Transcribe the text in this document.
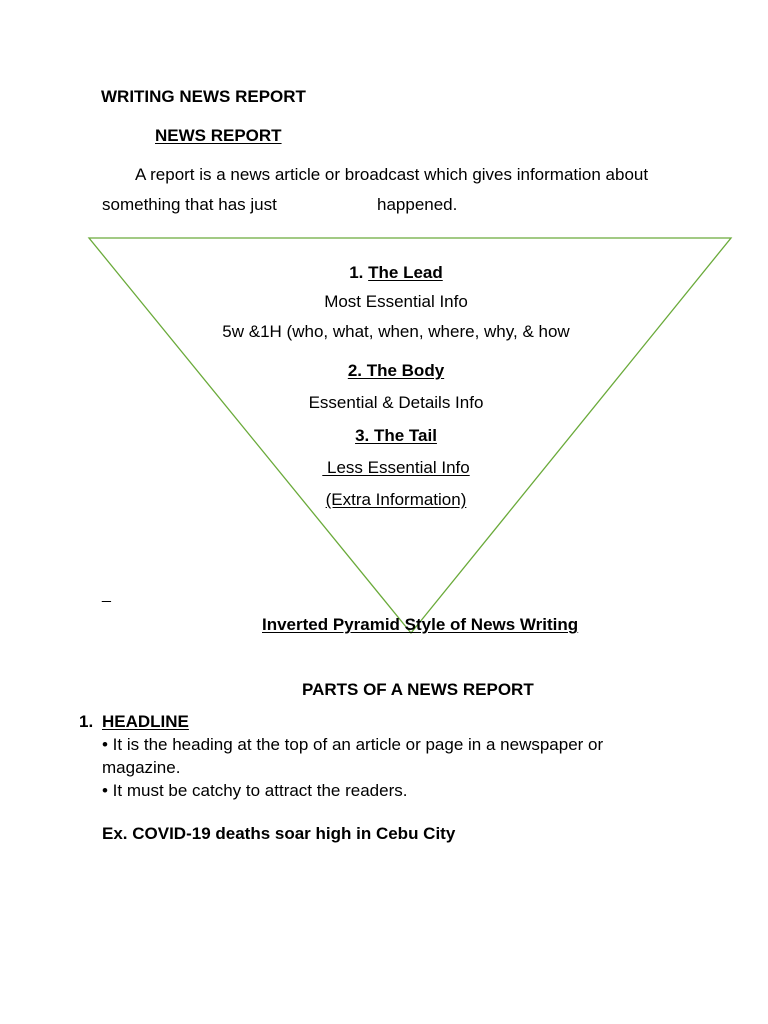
WRITING NEWS REPORT
NEWS REPORT
A report is a news article or broadcast which gives information about
something that has just	happened.
1. The Lead
Most Essential Info
5w &1H (who, what, when, where, why, & how
2. The Body
Essential & Details Info
3. The Tail
Less Essential Info
(Extra Information)
_
Inverted Pyramid Style of News Writing
PARTS OF A NEWS REPORT
1. HEADLINE
• It is the heading at the top of an article or page in a newspaper or magazine.
• It must be catchy to attract the readers.
Ex. COVID-19 deaths soar high in Cebu City
